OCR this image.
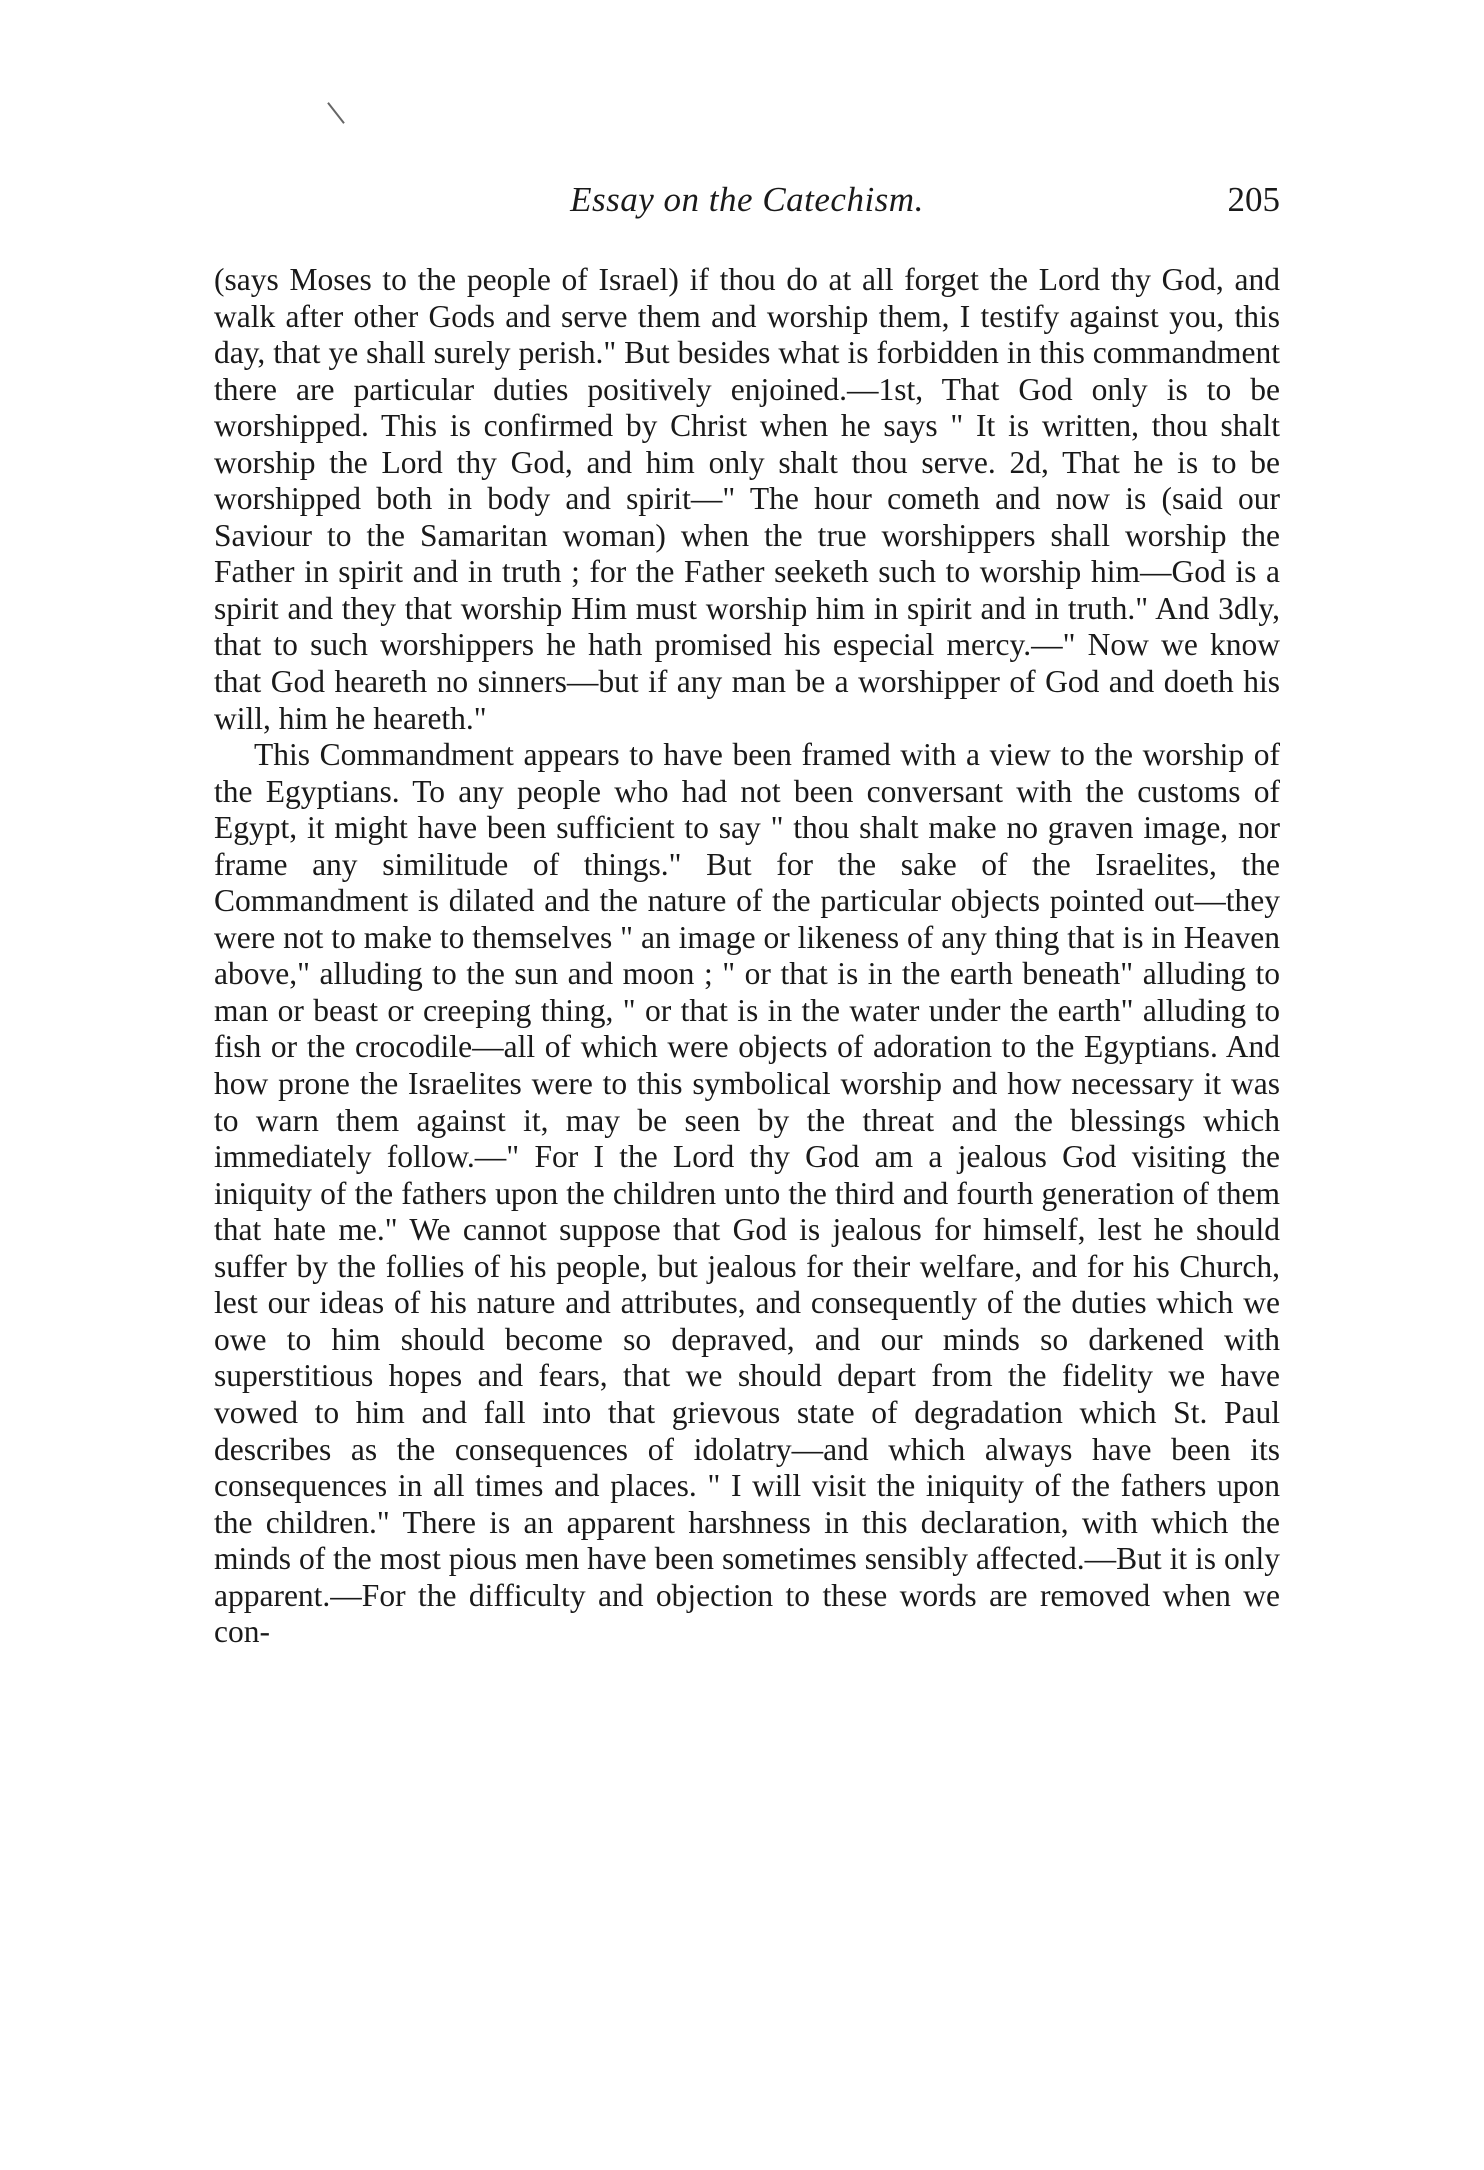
Essay on the Catechism.	205

(says Moses to the people of Israel) if thou do at all forget the Lord thy God, and walk after other Gods and serve them and worship them, I testify against you, this day, that ye shall surely perish." But besides what is forbidden in this commandment there are particular duties positively enjoined.—1st, That God only is to be worshipped. This is confirmed by Christ when he says " It is written, thou shalt worship the Lord thy God, and him only shalt thou serve. 2d, That he is to be worshipped both in body and spirit—" The hour cometh and now is (said our Saviour to the Samaritan woman) when the true worshippers shall worship the Father in spirit and in truth ; for the Father seeketh such to worship him—God is a spirit and they that worship Him must worship him in spirit and in truth." And 3dly, that to such worshippers he hath promised his especial mercy.—" Now we know that God heareth no sinners—but if any man be a worshipper of God and doeth his will, him he heareth."

This Commandment appears to have been framed with a view to the worship of the Egyptians. To any people who had not been conversant with the customs of Egypt, it might have been sufficient to say " thou shalt make no graven image, nor frame any similitude of things." But for the sake of the Israelites, the Commandment is dilated and the nature of the particular objects pointed out—they were not to make to themselves " an image or likeness of any thing that is in Heaven above," alluding to the sun and moon ; " or that is in the earth beneath" alluding to man or beast or creeping thing, " or that is in the water under the earth" alluding to fish or the crocodile—all of which were objects of adoration to the Egyptians. And how prone the Israelites were to this symbolical worship and how necessary it was to warn them against it, may be seen by the threat and the blessings which immediately follow.—" For I the Lord thy God am a jealous God visiting the iniquity of the fathers upon the children unto the third and fourth generation of them that hate me." We cannot suppose that God is jealous for himself, lest he should suffer by the follies of his people, but jealous for their welfare, and for his Church, lest our ideas of his nature and attributes, and consequently of the duties which we owe to him should become so depraved, and our minds so darkened with superstitious hopes and fears, that we should depart from the fidelity we have vowed to him and fall into that grievous state of degradation which St. Paul describes as the consequences of idolatry—and which always have been its consequences in all times and places. " I will visit the iniquity of the fathers upon the children." There is an apparent harshness in this declaration, with which the minds of the most pious men have been sometimes sensibly affected.—But it is only apparent.—For the difficulty and objection to these words are removed when we con-
